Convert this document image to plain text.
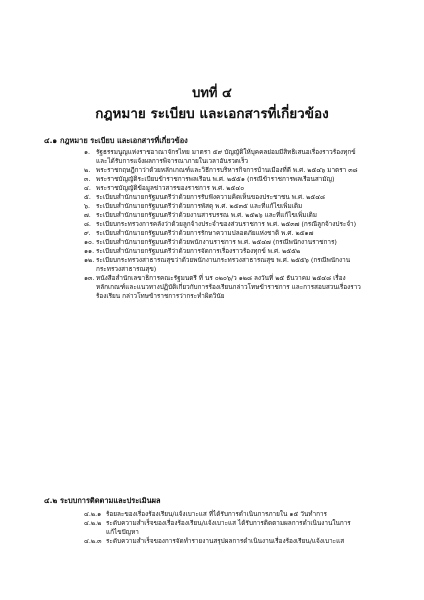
บทที่ ๔
กฎหมาย ระเบียบ และเอกสารที่เกี่ยวข้อง
๔.๑ กฎหมาย ระเบียบ และเอกสารที่เกี่ยวข้อง
๑. รัฐธรรมนูญแห่งราชอาณาจักรไทย มาตรา ๕๙ บัญญัติให้บุคคลย่อมมีสิทธิเสนอเรื่องราวร้องทุกข์
และได้รับการแจ้งผลการพิจารณาภายในเวลาอันรวดเร็ว
๒. พระราชกฤษฎีกาว่าด้วยหลักเกณฑ์และวิธีการบริหารกิจการบ้านเมืองที่ดี พ.ศ. ๒๕๔๖ มาตรา ๓๘
๓. พระราชบัญญัติระเบียบข้าราชการพลเรือน พ.ศ. ๒๕๕๑ (กรณีข้าราชการพลเรือนสามัญ)
๔. พระราชบัญญัติข้อมูลข่าวสารของราชการ พ.ศ. ๒๕๔๐
๕. ระเบียบสำนักนายกรัฐมนตรีว่าด้วยการรับฟังความคิดเห็นของประชาชน พ.ศ. ๒๕๔๘
๖. ระเบียบสำนักนายกรัฐมนตรีว่าด้วยการพัสดุ พ.ศ. ๒๕๓๕ และที่แก้ไขเพิ่มเติม
๗. ระเบียบสำนักนายกรัฐมนตรีว่าด้วยงานสารบรรณ พ.ศ. ๒๕๒๖ และที่แก้ไขเพิ่มเติม
๘. ระเบียบกระทรวงการคลังว่าด้วยลูกจ้างประจำของส่วนราชการ พ.ศ. ๒๕๓๗ (กรณีลูกจ้างประจำ)
๙. ระเบียบสำนักนายกรัฐมนตรีว่าด้วยการรักษาความปลอดภัยแห่งชาติ พ.ศ. ๒๕๑๗
๑๐. ระเบียบสำนักนายกรัฐมนตรีว่าด้วยพนักงานราชการ พ.ศ. ๒๕๔๗ (กรณีพนักงานราชการ)
๑๑. ระเบียบสำนักนายกรัฐมนตรีว่าด้วยการจัดการเรื่องราวร้องทุกข์ พ.ศ. ๒๕๕๒
๑๒. ระเบียบกระทรวงสาธารณสุขว่าด้วยพนักงานกระทรวงสาธารณสุข พ.ศ. ๒๕๕๖ (กรณีพนักงาน
กระทรวงสาธารณสุข)
๑๓. หนังสือสำนักเลขาธิการคณะรัฐมนตรี ที่ นร ๐๒๐๖/ว ๑๒๘ ลงวันที่ ๒๕ ธันวาคม ๒๕๔๘ เรื่อง
หลักเกณฑ์และแนวทางปฏิบัติเกี่ยวกับการร้องเรียนกล่าวโทษข้าราชการ และการสอบสวนเรื่องราว
ร้องเรียน กล่าวโทษข้าราชการว่ากระทำผิดวินัย
๔.๒ ระบบการติดตามและประเมินผล
๔.๒.๑ ร้อยละของเรื่องร้องเรียน/แจ้งเบาะแส ที่ได้รับการดำเนินการภายใน ๑๕ วันทำการ
๔.๒.๒ ระดับความสำเร็จของเรื่องร้องเรียน/แจ้งเบาะแส ได้รับการติดตามผลการดำเนินงานในการ
แก้ไขปัญหา
๔.๒.๓ ระดับความสำเร็จของการจัดทำรายงานสรุปผลการดำเนินงานเรื่องร้องเรียน/แจ้งเบาะแส
